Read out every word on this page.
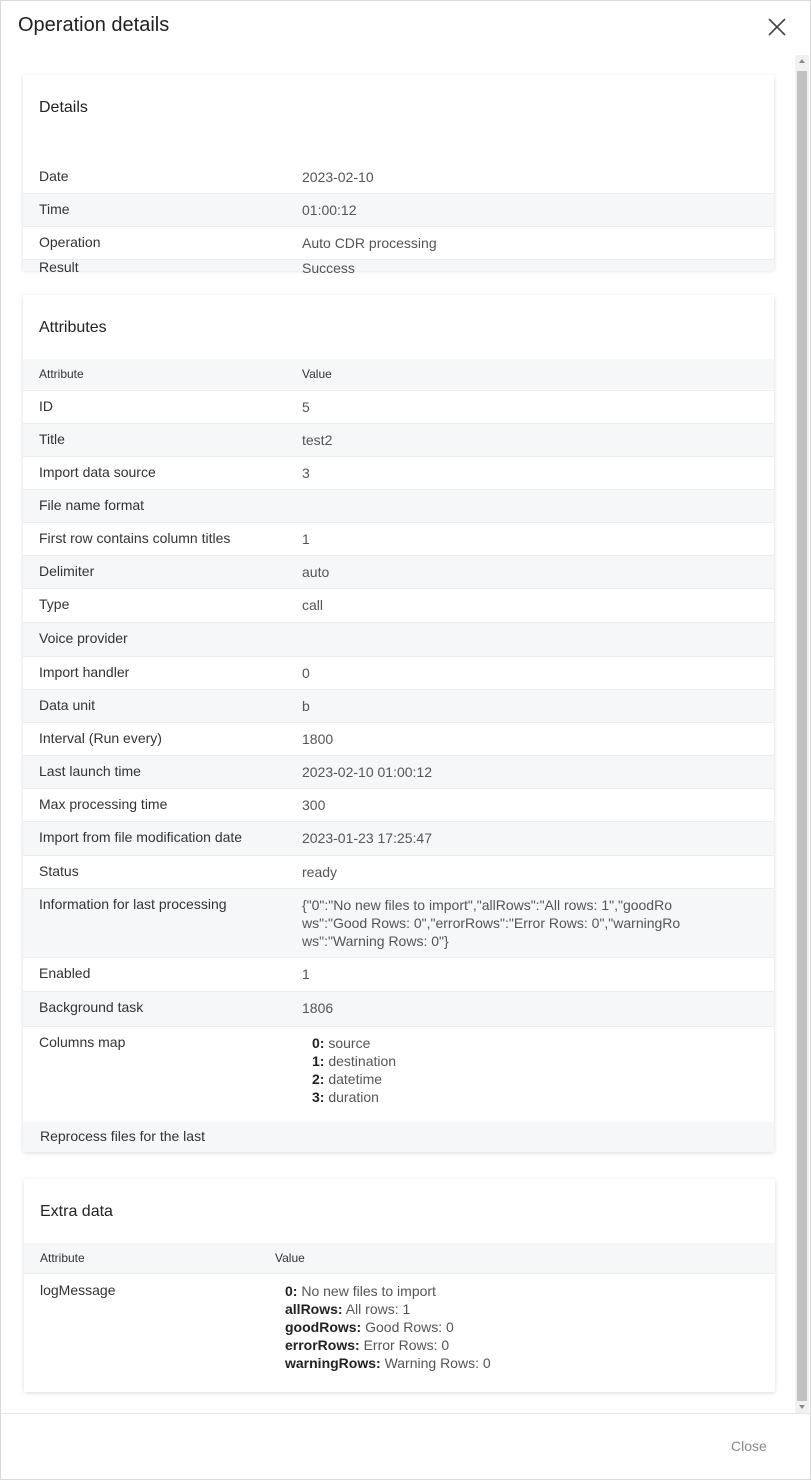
Operation details
Details
Date	2023-02-10
Time	01:00:12
Operation	Auto CDR processing
Result	Success
Attributes
Attribute	Value
ID	5
Title	test2
Import data source	3
File name format
First row contains column titles	1
Delimiter	auto
Type	call
Voice provider
Import handler	0
Data unit	b
Interval (Run every)	1800
Last launch time	2023-02-10 01:00:12
Max processing time	300
Import from file modification date	2023-01-23 17:25:47
Status	ready
Information for last processing	{"0":"No new files to import","allRows":"All rows: 1","goodRows":"Good Rows: 0","errorRows":"Error Rows: 0","warningRows":"Warning Rows: 0"}
Enabled	1
Background task	1806
Columns map	0: source
1: destination
2: datetime
3: duration
Reprocess files for the last
Extra data
Attribute	Value
logMessage	0: No new files to import
allRows: All rows: 1
goodRows: Good Rows: 0
errorRows: Error Rows: 0
warningRows: Warning Rows: 0
Close
